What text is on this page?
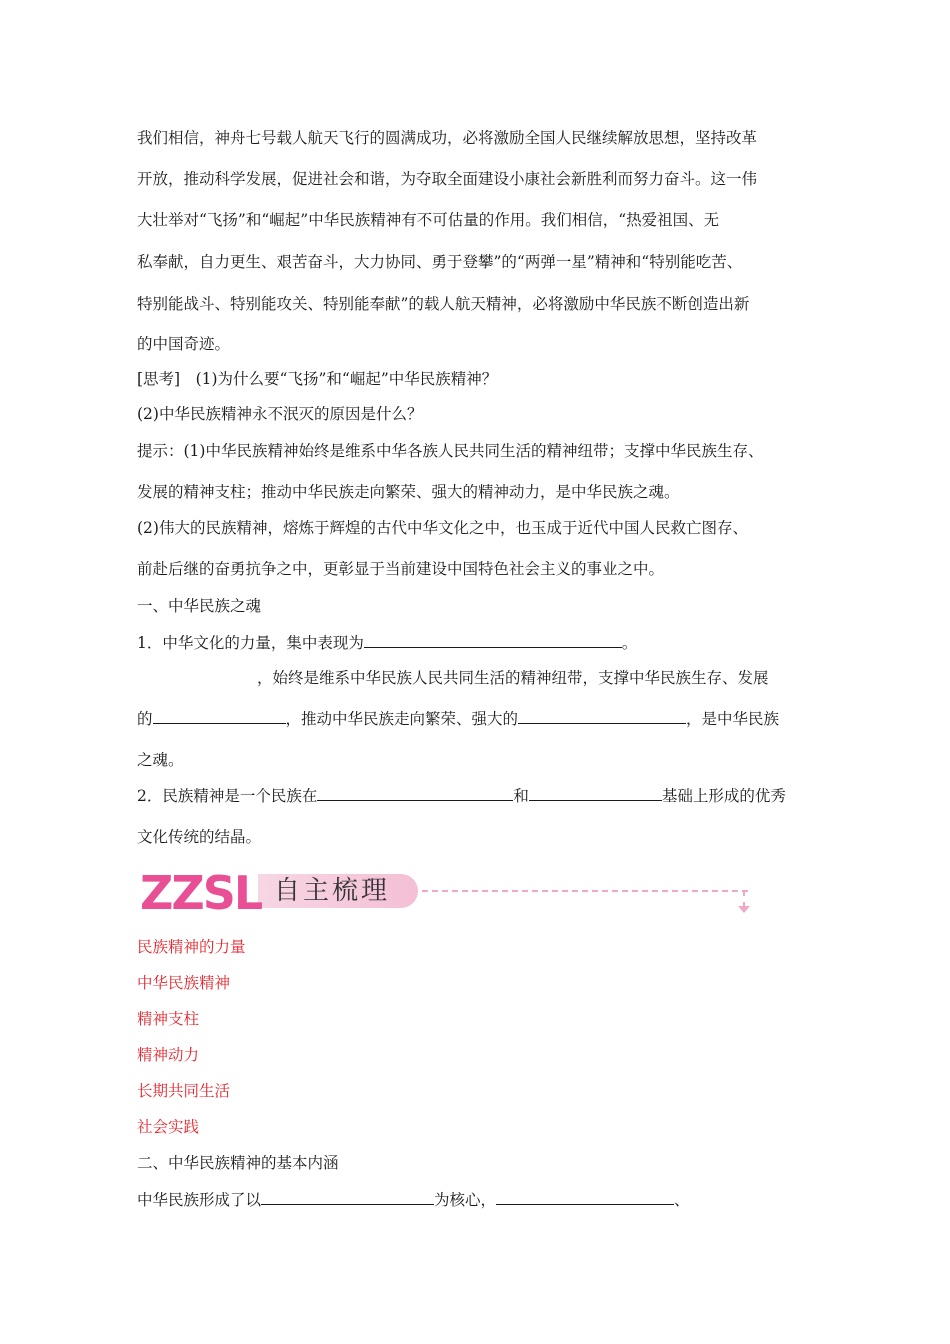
我们相信，神舟七号载人航天飞行的圆满成功，必将激励全国人民继续解放思想，坚持改革
开放，推动科学发展，促进社会和谐，为夺取全面建设小康社会新胜利而努力奋斗。这一伟
大壮举对“飞扬”和“崛起”中华民族精神有不可估量的作用。我们相信，“热爱祖国、无
私奉献，自力更生、艰苦奋斗，大力协同、勇于登攀”的“两弹一星”精神和“特别能吃苦、
特别能战斗、特别能攻关、特别能奉献”的载人航天精神，必将激励中华民族不断创造出新
的中国奇迹。
[思考]　(1)为什么要“飞扬”和“崛起”中华民族精神？
(2)中华民族精神永不泯灭的原因是什么？
提示：(1)中华民族精神始终是维系中华各族人民共同生活的精神纽带；支撑中华民族生存、
发展的精神支柱；推动中华民族走向繁荣、强大的精神动力，是中华民族之魂。
(2)伟大的民族精神，熔炼于辉煌的古代中华文化之中，也玉成于近代中国人民救亡图存、
前赴后继的奋勇抗争之中，更彰显于当前建设中国特色社会主义的事业之中。
一、中华民族之魂
1．中华文化的力量，集中表现为	。
，始终是维系中华民族人民共同生活的精神纽带，支撑中华民族生存、发展
的	，推动中华民族走向繁荣、强大的	，是中华民族
之魂。
2．民族精神是一个民族在	和	基础上形成的优秀
文化传统的结晶。
ZZSL 自主梳理
民族精神的力量
中华民族精神
精神支柱
精神动力
长期共同生活
社会实践
二、中华民族精神的基本内涵
中华民族形成了以	为核心，	、
